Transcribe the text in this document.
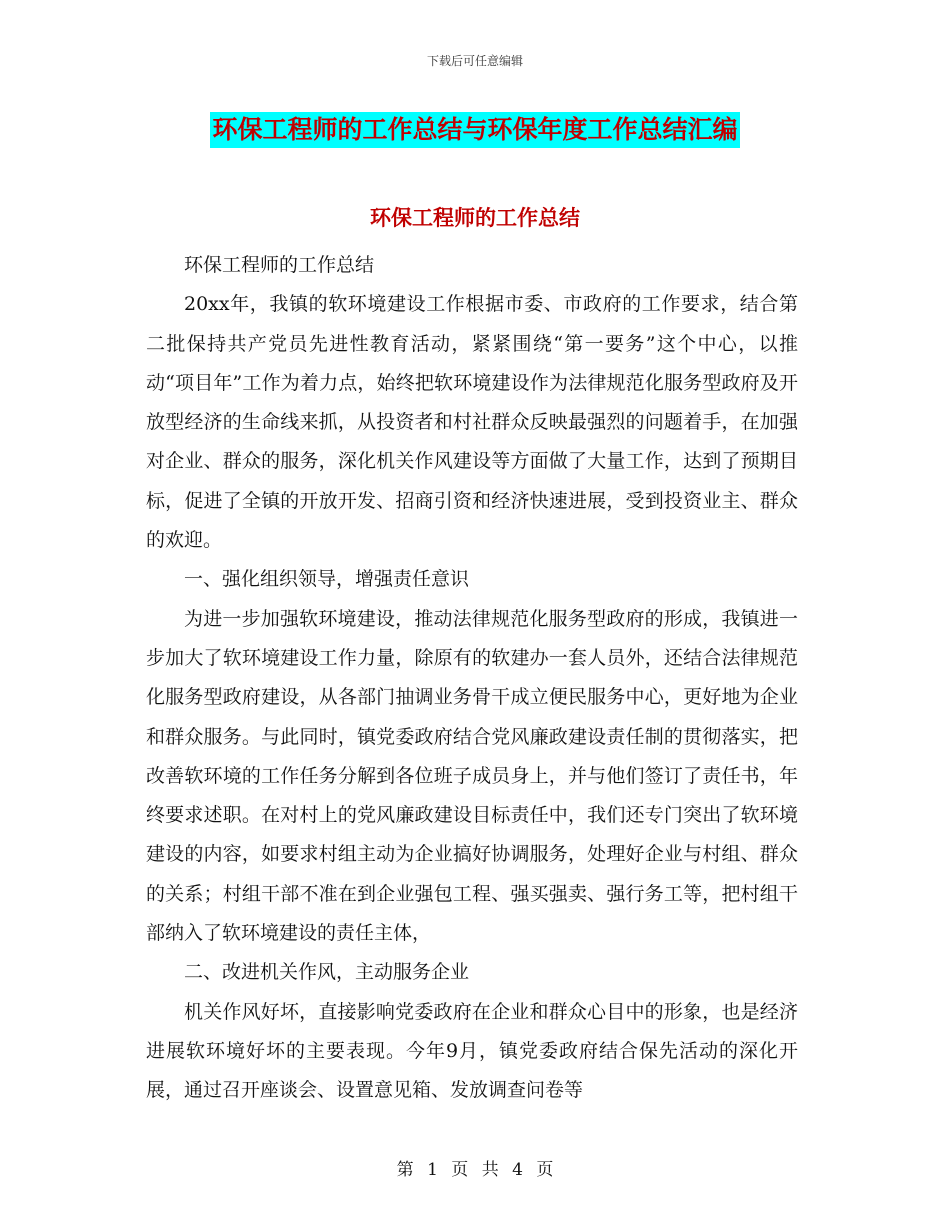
下载后可任意编辑
环保工程师的工作总结与环保年度工作总结汇编
环保工程师的工作总结

环保工程师的工作总结

20xx年，我镇的软环境建设工作根据市委、市政府的工作要求，结合第二批保持共产党员先进性教育活动，紧紧围绕“第一要务”这个中心，以推动“项目年”工作为着力点，始终把软环境建设作为法律规范化服务型政府及开放型经济的生命线来抓，从投资者和村社群众反映最强烈的问题着手，在加强对企业、群众的服务，深化机关作风建设等方面做了大量工作，达到了预期目标，促进了全镇的开放开发、招商引资和经济快速进展，受到投资业主、群众的欢迎。

一、强化组织领导，增强责任意识

为进一步加强软环境建设，推动法律规范化服务型政府的形成，我镇进一步加大了软环境建设工作力量，除原有的软建办一套人员外，还结合法律规范化服务型政府建设，从各部门抽调业务骨干成立便民服务中心，更好地为企业和群众服务。与此同时，镇党委政府结合党风廉政建设责任制的贯彻落实，把改善软环境的工作任务分解到各位班子成员身上，并与他们签订了责任书，年终要求述职。在对村上的党风廉政建设目标责任中，我们还专门突出了软环境建设的内容，如要求村组主动为企业搞好协调服务，处理好企业与村组、群众的关系；村组干部不准在到企业强包工程、强买强卖、强行务工等，把村组干部纳入了软环境建设的责任主体，

二、改进机关作风，主动服务企业

机关作风好坏，直接影响党委政府在企业和群众心目中的形象，也是经济进展软环境好坏的主要表现。今年9月，镇党委政府结合保先活动的深化开展，通过召开座谈会、设置意见箱、发放调查问卷等

第 1 页 共 4 页
